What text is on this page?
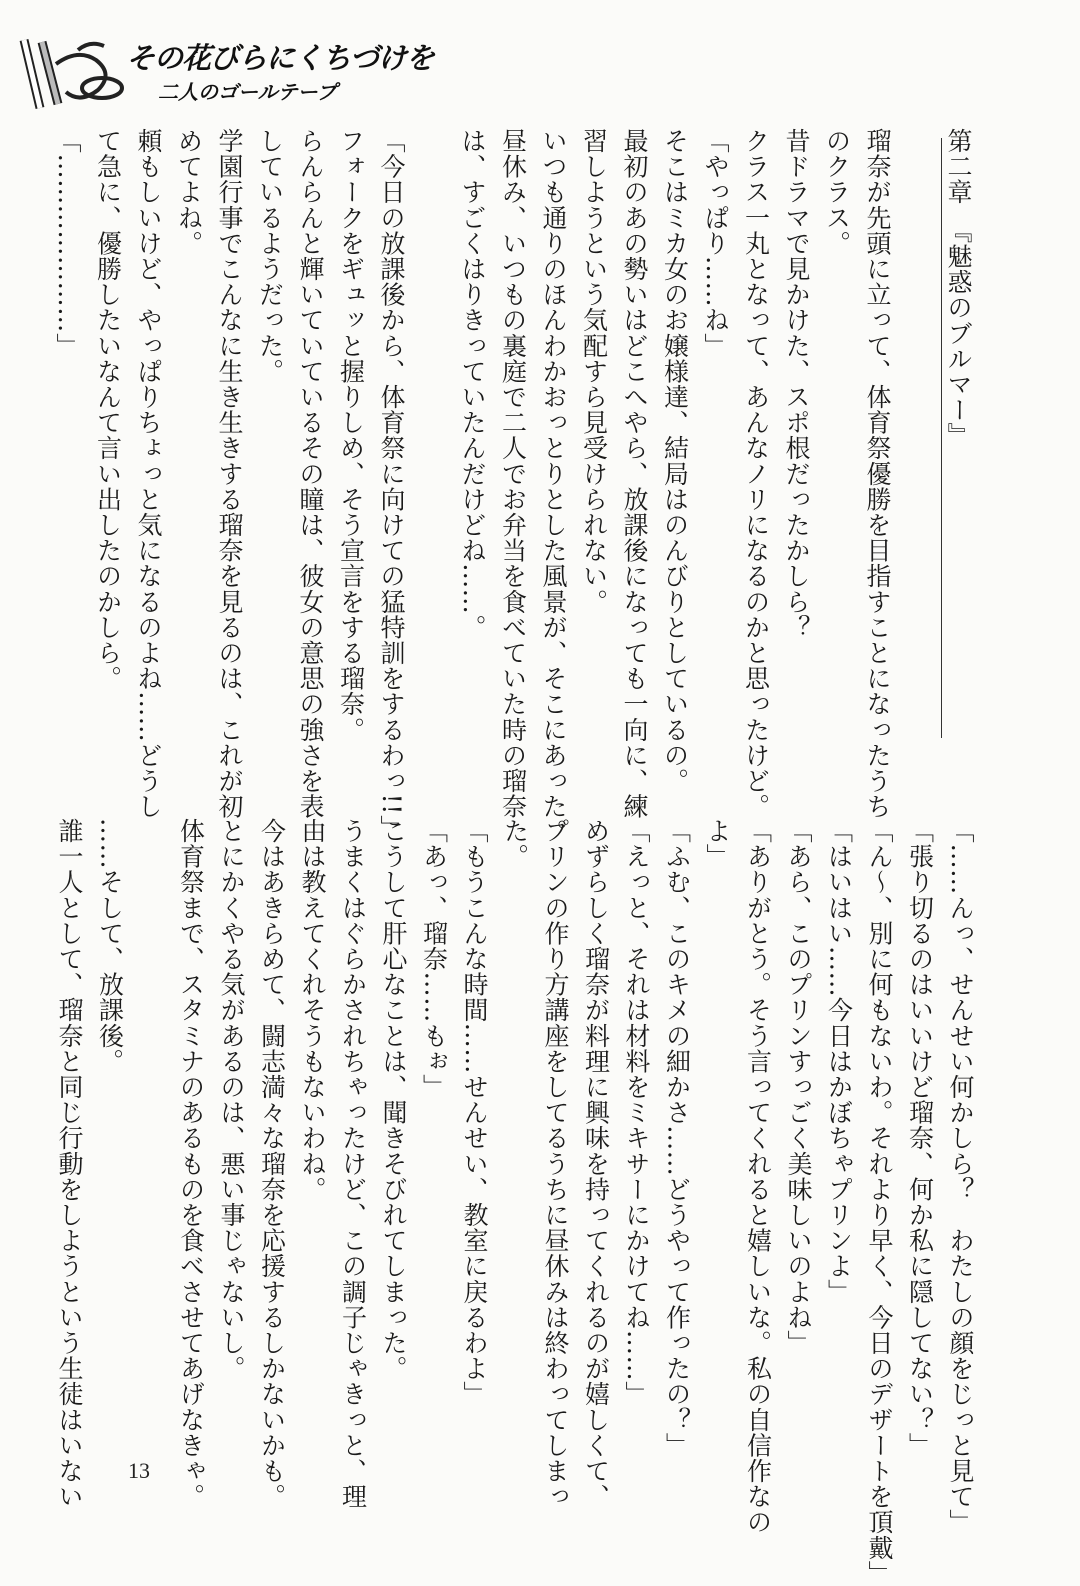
その花びらにくちづけを
二人のゴールテープ
第二章　『魅惑のブルマー』

瑠奈が先頭に立って、体育祭優勝を目指すことになったうち
のクラス。
昔ドラマで見かけた、スポ根だったかしら？
クラス一丸となって、あんなノリになるのかと思ったけど。
「やっぱり……ね」
そこはミカ女のお嬢様達、結局はのんびりとしているの。
最初のあの勢いはどこへやら、放課後になっても一向に、練
習しようという気配すら見受けられない。
いつも通りのほんわかおっとりとした風景が、そこにあった。
昼休み、いつもの裏庭で二人でお弁当を食べていた時の瑠奈
は、すごくはりきっていたんだけどね……。

「今日の放課後から、体育祭に向けての猛特訓をするわっ!!」
フォークをギュッと握りしめ、そう宣言をする瑠奈。
らんらんと輝いていているその瞳は、彼女の意思の強さを表
しているようだった。
学園行事でこんなに生き生きする瑠奈を見るのは、これが初
めてよね。
頼もしいけど、やっぱりちょっと気になるのよね……どうし
て急に、優勝したいなんて言い出したのかしら。
「…………………」
「……んっ、せんせい何かしら？　わたしの顔をじっと見て」
「張り切るのはいいけど瑠奈、何か私に隠してない？」
「ん～、別に何もないわ。それより早く、今日のデザートを頂戴」
「はいはい……今日はかぼちゃプリンよ」
「あら、このプリンすっごく美味しいのよね」
「ありがとう。そう言ってくれると嬉しいな。私の自信作なの
よ」
「ふむ、このキメの細かさ……どうやって作ったの？」
「えっと、それは材料をミキサーにかけてね……」
めずらしく瑠奈が料理に興味を持ってくれるのが嬉しくて、
プリンの作り方講座をしてるうちに昼休みは終わってしまっ
た。
「もうこんな時間……せんせい、教室に戻るわよ」
「あっ、瑠奈……もぉ」
こうして肝心なことは、聞きそびれてしまった。
うまくはぐらかされちゃったけど、この調子じゃきっと、理
由は教えてくれそうもないわね。
今はあきらめて、闘志満々な瑠奈を応援するしかないかも。
とにかくやる気があるのは、悪い事じゃないし。
体育祭まで、スタミナのあるものを食べさせてあげなきゃ。

……そして、放課後。
誰一人として、瑠奈と同じ行動をしようという生徒はいない	13
